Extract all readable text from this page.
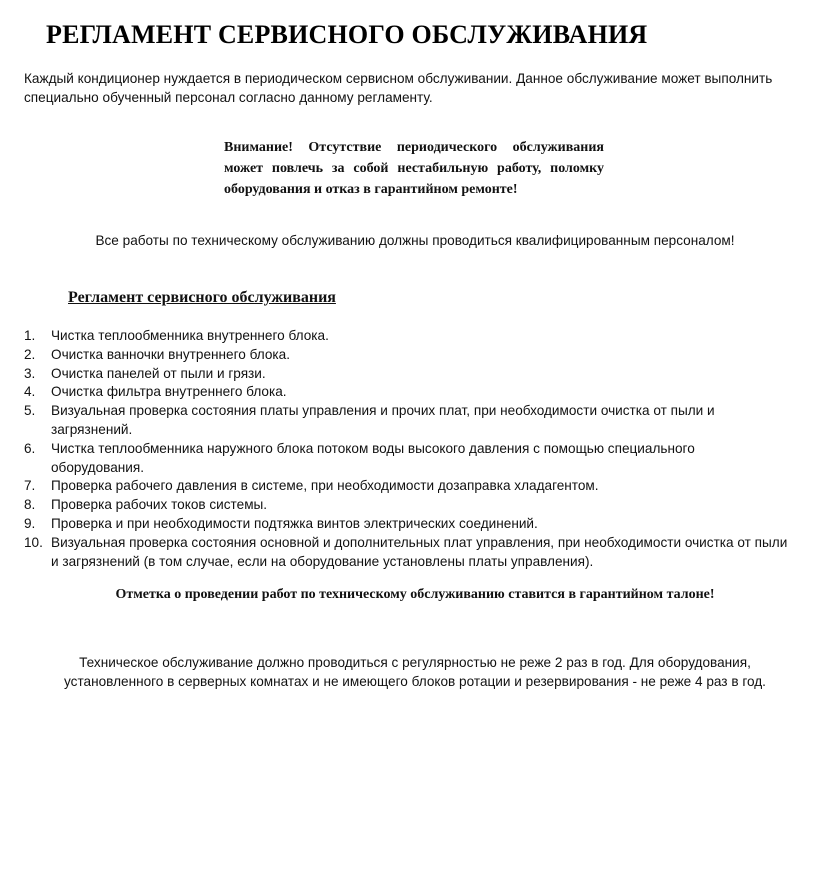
РЕГЛАМЕНТ СЕРВИСНОГО ОБСЛУЖИВАНИЯ
Каждый кондиционер нуждается в периодическом сервисном обслуживании. Данное обслуживание может выполнить специально обученный персонал согласно данному регламенту.

Внимание! Отсутствие периодического обслуживания может повлечь за собой нестабильную работу, поломку оборудования и отказ в гарантийном ремонте!

Все работы по техническому обслуживанию должны проводиться квалифицированным персоналом!
Регламент сервисного обслуживания
1. Чистка теплообменника внутреннего блока.
2. Очистка ванночки внутреннего блока.
3. Очистка панелей от пыли и грязи.
4. Очистка фильтра внутреннего блока.
5. Визуальная проверка состояния платы управления и прочих плат, при необходимости очистка от пыли и загрязнений.
6. Чистка теплообменника наружного блока потоком воды высокого давления с помощью специального оборудования.
7. Проверка рабочего давления в системе, при необходимости дозаправка хладагентом.
8. Проверка рабочих токов системы.
9. Проверка и при необходимости подтяжка винтов электрических соединений.
10. Визуальная проверка состояния основной и дополнительных плат управления, при необходимости очистка от пыли и загрязнений (в том случае, если на оборудование установлены платы управления).
Отметка о проведении работ по техническому обслуживанию ставится в гарантийном талоне!
Техническое обслуживание должно проводиться с регулярностью не реже 2 раз в год. Для оборудования, установленного в серверных комнатах и не имеющего блоков ротации и резервирования - не реже 4 раз в год.
